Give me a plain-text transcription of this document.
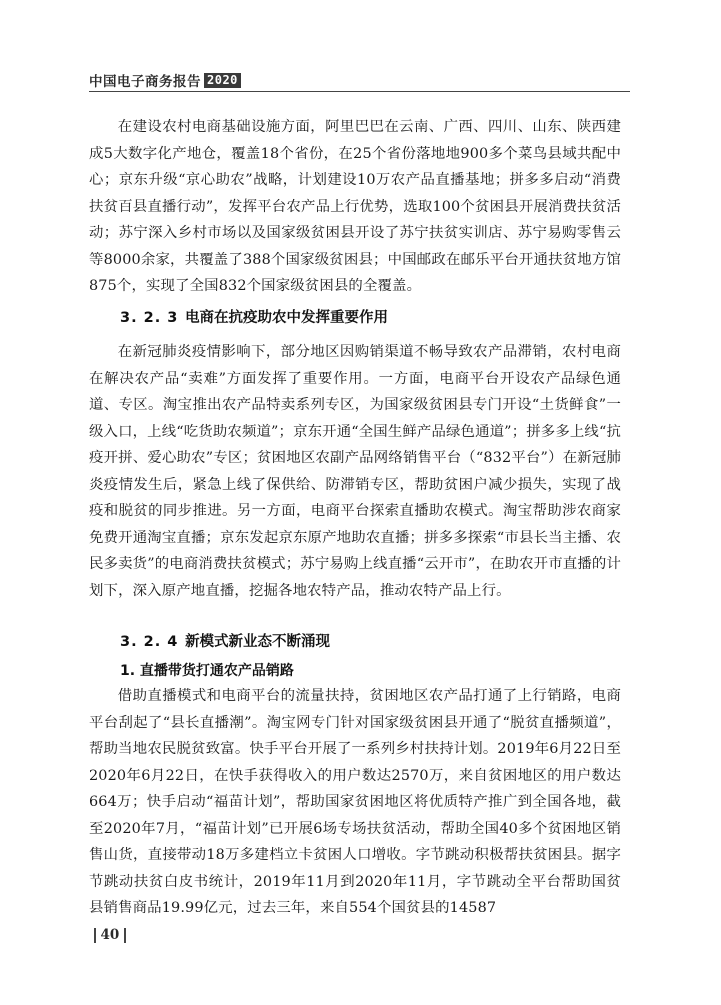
中国电子商务报告 2020

在建设农村电商基础设施方面，阿里巴巴在云南、广西、四川、山东、陕西建成5大数字化产地仓，覆盖18个省份，在25个省份落地地900多个菜鸟县域共配中心；京东升级“京心助农”战略，计划建设10万农产品直播基地；拼多多启动“消费扶贫百县直播行动”，发挥平台农产品上行优势，选取100个贫困县开展消费扶贫活动；苏宁深入乡村市场以及国家级贫困县开设了苏宁扶贫实训店、苏宁易购零售云等8000余家，共覆盖了388个国家级贫困县；中国邮政在邮乐平台开通扶贫地方馆875个，实现了全国832个国家级贫困县的全覆盖。

3. 2. 3 电商在抗疫助农中发挥重要作用

在新冠肺炎疫情影响下，部分地区因购销渠道不畅导致农产品滞销，农村电商在解决农产品“卖难”方面发挥了重要作用。一方面，电商平台开设农产品绿色通道、专区。淘宝推出农产品特卖系列专区，为国家级贫困县专门开设“土货鲜食”一级入口，上线“吃货助农频道”；京东开通“全国生鲜产品绿色通道”；拼多多上线“抗疫开拼、爱心助农”专区；贫困地区农副产品网络销售平台（“832平台”）在新冠肺炎疫情发生后，紧急上线了保供给、防滞销专区，帮助贫困户减少损失，实现了战疫和脱贫的同步推进。另一方面，电商平台探索直播助农模式。淘宝帮助涉农商家免费开通淘宝直播；京东发起京东原产地助农直播；拼多多探索“市县长当主播、农民多卖货”的电商消费扶贫模式；苏宁易购上线直播“云开市”，在助农开市直播的计划下，深入原产地直播，挖掘各地农特产品，推动农特产品上行。

3. 2. 4 新模式新业态不断涌现
1. 直播带货打通农产品销路

借助直播模式和电商平台的流量扶持，贫困地区农产品打通了上行销路，电商平台刮起了“县长直播潮”。淘宝网专门针对国家级贫困县开通了“脱贫直播频道”，帮助当地农民脱贫致富。快手平台开展了一系列乡村扶持计划。2019年6月22日至2020年6月22日，在快手获得收入的用户数达2570万，来自贫困地区的用户数达664万；快手启动“福苗计划”，帮助国家贫困地区将优质特产推广到全国各地，截至2020年7月，“福苗计划”已开展6场专场扶贫活动，帮助全国40多个贫困地区销售山货，直接带动18万多建档立卡贫困人口增收。字节跳动积极帮扶贫困县。据字节跳动扶贫白皮书统计，2019年11月到2020年11月，字节跳动全平台帮助国贫县销售商品19.99亿元，过去三年，来自554个国贫县的14587

40
